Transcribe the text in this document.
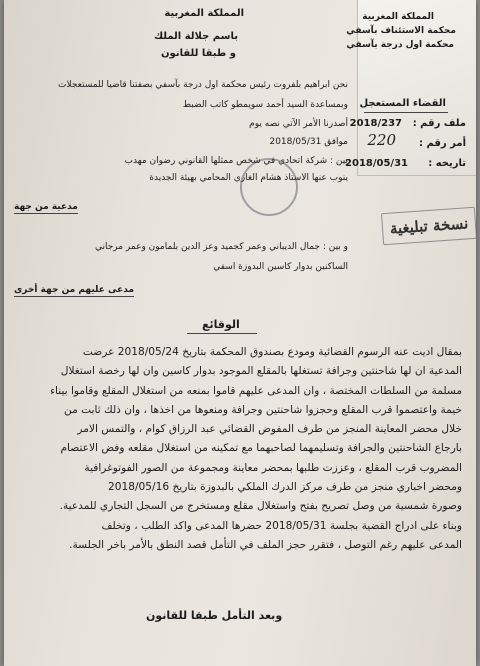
المملكة المغربية
باسم جلالة الملك
و طبقا للقانون
المملكة المغربية
محكمة الاستئناف بآسفي
محكمة اول درجة بآسفي
القضاء المستعجل
ملف رقم :
2018/237
أمر رقم :
220
تاريخه :
2018/05/31
نحن ابراهيم بلفروت رئيس محكمة اول درجة بآسفي بصفتنا قاضيا للمستعجلات
وبمساعدة السيد أحمد سويمطو كاتب الضبط
أصدرنا الأمر الآتي نصه يوم
موافق 2018/05/31
بين : شركة اتحادي في شخص ممثلها القانوني رضوان مهدب
ينوب عنها الاستاذ هشام الغازي المحامي بهيئة الجديدة
مدعية من جهة
نسخة تبليغية
و بين : جمال الديباني وعمر كجميد وعز الدين بلمامون وعمر مرجاني
الساكنين بدوار كاسين البدوزة اسفي
مدعى عليهم من جهة أخرى
الوقائع
بمقال اديت عنه الرسوم القضائية ومودع بصندوق المحكمة بتاريخ 2018/05/24 عرضت
المدعية ان لها شاحنتين وجرافة تستغلها بالمقلع الموجود بدوار كاسين وان لها رخصة استغلال
مسلمة من السلطات المختصة ، وان المدعى عليهم قاموا بمنعه من استغلال المقلع وقاموا بيناء
خيمة واعتصموا قرب المقلع وحجزوا شاحنتين وجرافة ومنعوها من اخذها ، وان ذلك ثابت من
خلال محضر المعاينة المنجز من طرف المفوض القضائي عبد الرزاق كوام ، والتمس الامر
بارجاع الشاحنتين والجرافة وتسليمهما لصاحبهما مع تمكينه من استغلال مقلعه وفض الاعتصام
المضروب قرب المقلع ، وعززت طلبها بمحضر معاينة ومجموعة من الصور الفوتوغرافية
ومحضر اخباري منجز من طرف مركز الدرك الملكي بالبدوزة بتاريخ 2018/05/16
وصورة شمسية من وصل تصريح بفتح واستغلال مقلع ومستخرج من السجل التجاري للمدعية.
وبناء على ادراج القضية بجلسة 2018/05/31 حضرها المدعى واكد الطلب ، وتخلف
المدعى عليهم رغم التوصل ، فتقرر حجز الملف في التأمل قصد النطق بالأمر باخر الجلسة.
وبعد التأمل طبقا للقانون
